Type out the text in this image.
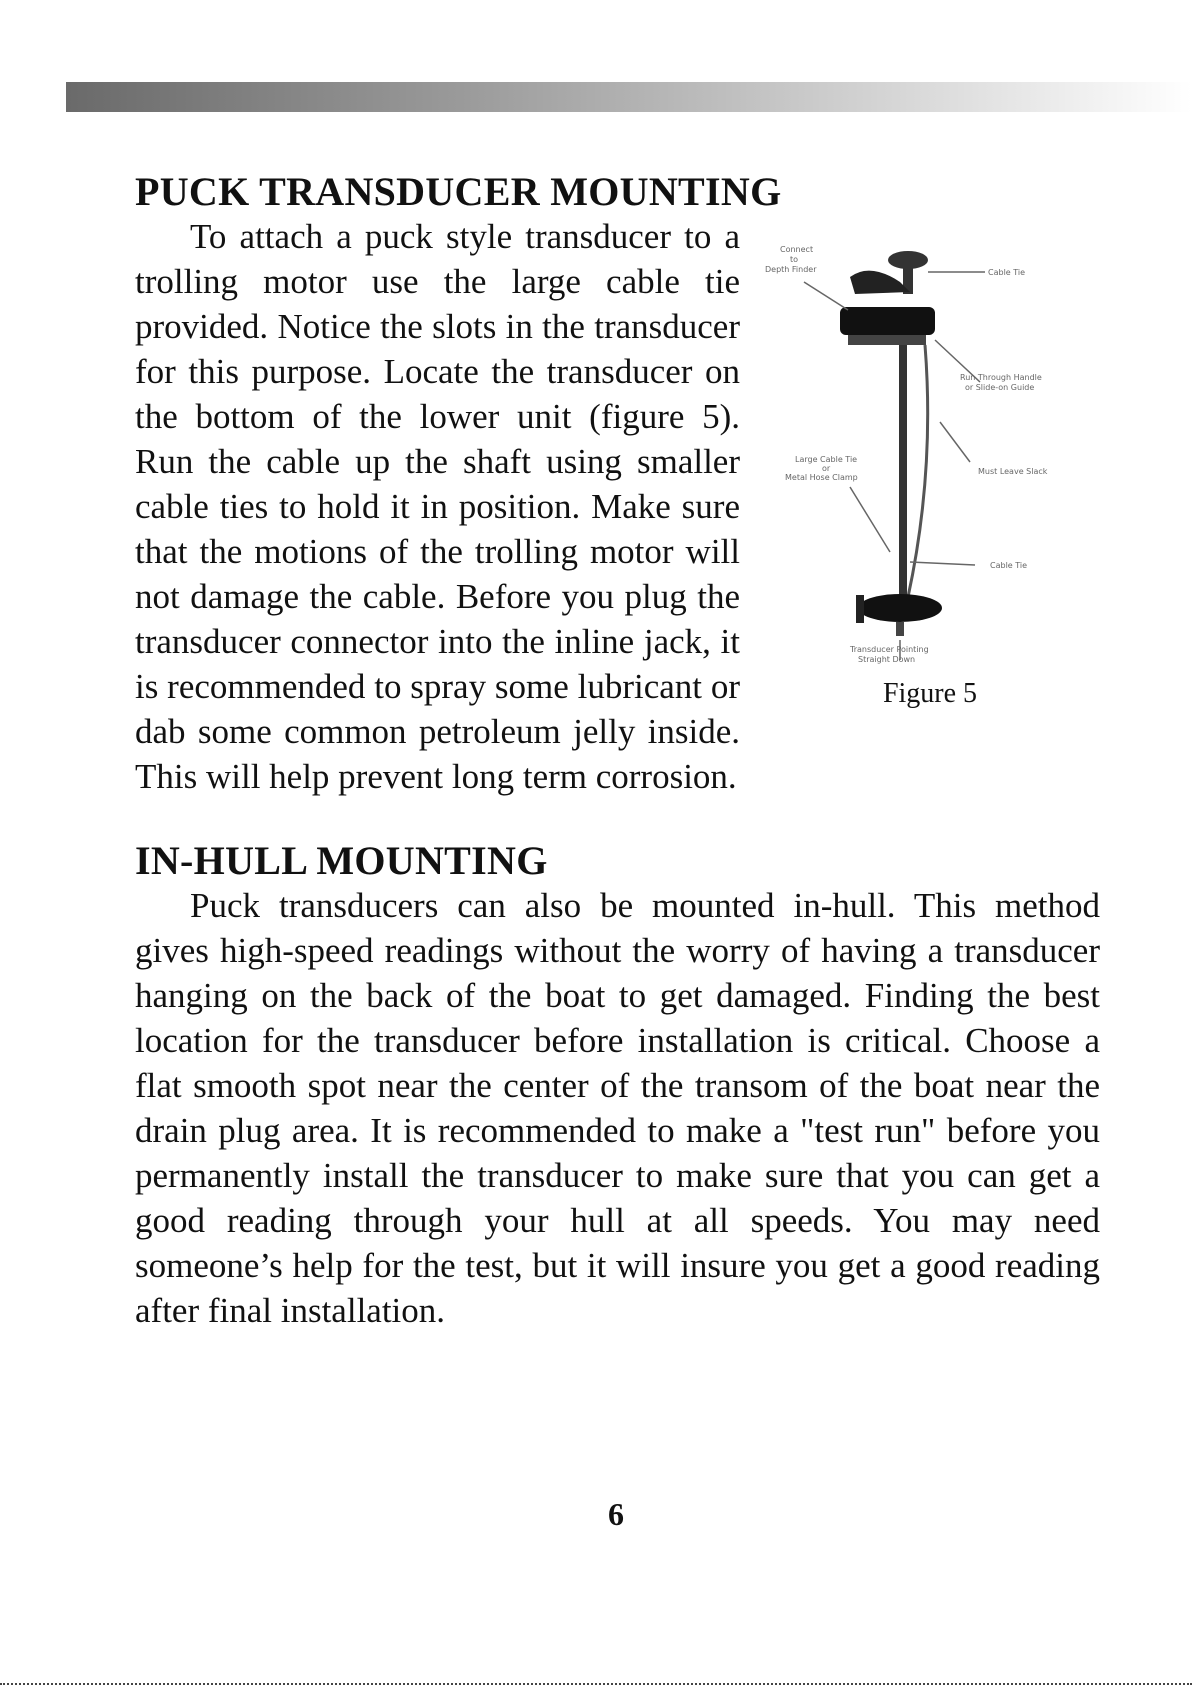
PUCK TRANSDUCER MOUNTING
Connect
to
Depth Finder	Cable Tie
Run Through Handle
or Slide-on Guide
Large Cable Tie
or
Metal Hose Clamp
Must Leave Slack
Cable Tie
Transducer Pointing
Straight Down
Figure 5

To attach a puck style transducer to a trolling motor use the large cable tie provided. Notice the slots in the transducer for this purpose. Locate the transducer on the bottom of the lower unit (figure 5). Run the cable up the shaft using smaller cable ties to hold it in position. Make sure that the motions of the trolling motor will not damage the cable. Before you plug the transducer connector into the inline jack, it is recommended to spray some lubricant or dab some common petroleum jelly inside. This will help prevent long term corrosion.

IN-HULL MOUNTING

Puck transducers can also be mounted in-hull. This method gives high-speed readings without the worry of having a transducer hanging on the back of the boat to get damaged. Finding the best location for the transducer before installation is critical. Choose a flat smooth spot near the center of the transom of the boat near the drain plug area. It is recommended to make a "test run" before you permanently install the transducer to make sure that you can get a good reading through your hull at all speeds. You may need someone’s help for the test, but it will insure you get a good reading after final installation.

6
